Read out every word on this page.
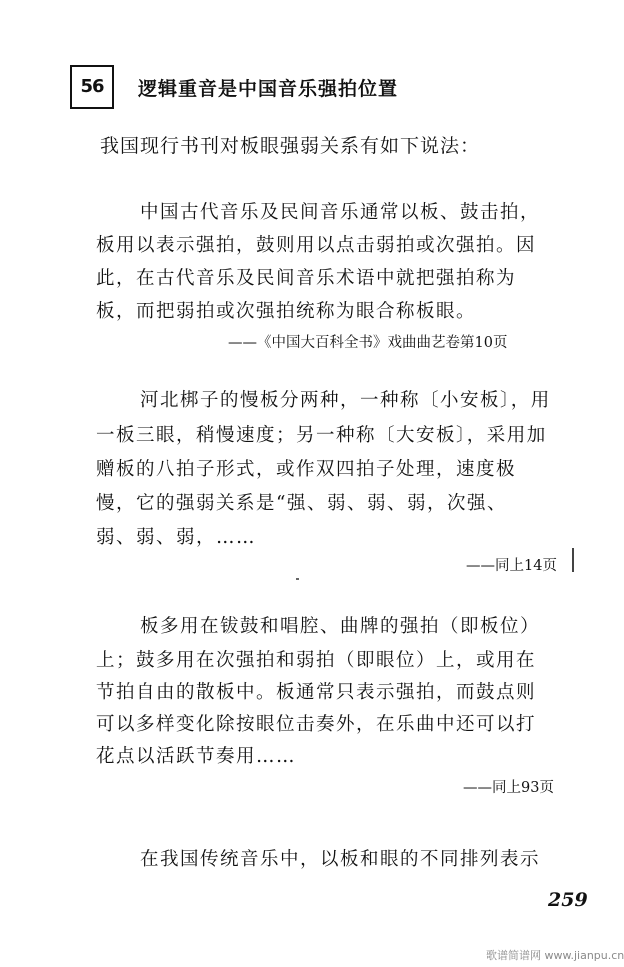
56	逻辑重音是中国音乐强拍位置
我国现行书刊对板眼强弱关系有如下说法：
中国古代音乐及民间音乐通常以板、鼓击拍，
板用以表示强拍，鼓则用以点击弱拍或次强拍。因
此，在古代音乐及民间音乐术语中就把强拍称为
板，而把弱拍或次强拍统称为眼合称板眼。
——《中国大百科全书》戏曲曲艺卷第10页
河北梆子的慢板分两种，一种称〔小安板〕，用
一板三眼，稍慢速度；另一种称〔大安板〕，采用加
赠板的八拍子形式，或作双四拍子处理，速度极
慢，它的强弱关系是“强、弱、弱、弱，次强、
弱、弱、弱，……
——同上14页
板多用在钹鼓和唱腔、曲牌的强拍（即板位）
上；鼓多用在次强拍和弱拍（即眼位）上，或用在
节拍自由的散板中。板通常只表示强拍，而鼓点则
可以多样变化除按眼位击奏外，在乐曲中还可以打
花点以活跃节奏用……
——同上93页
在我国传统音乐中，以板和眼的不同排列表示
259
歌谱简谱网 www.jianpu.cn
